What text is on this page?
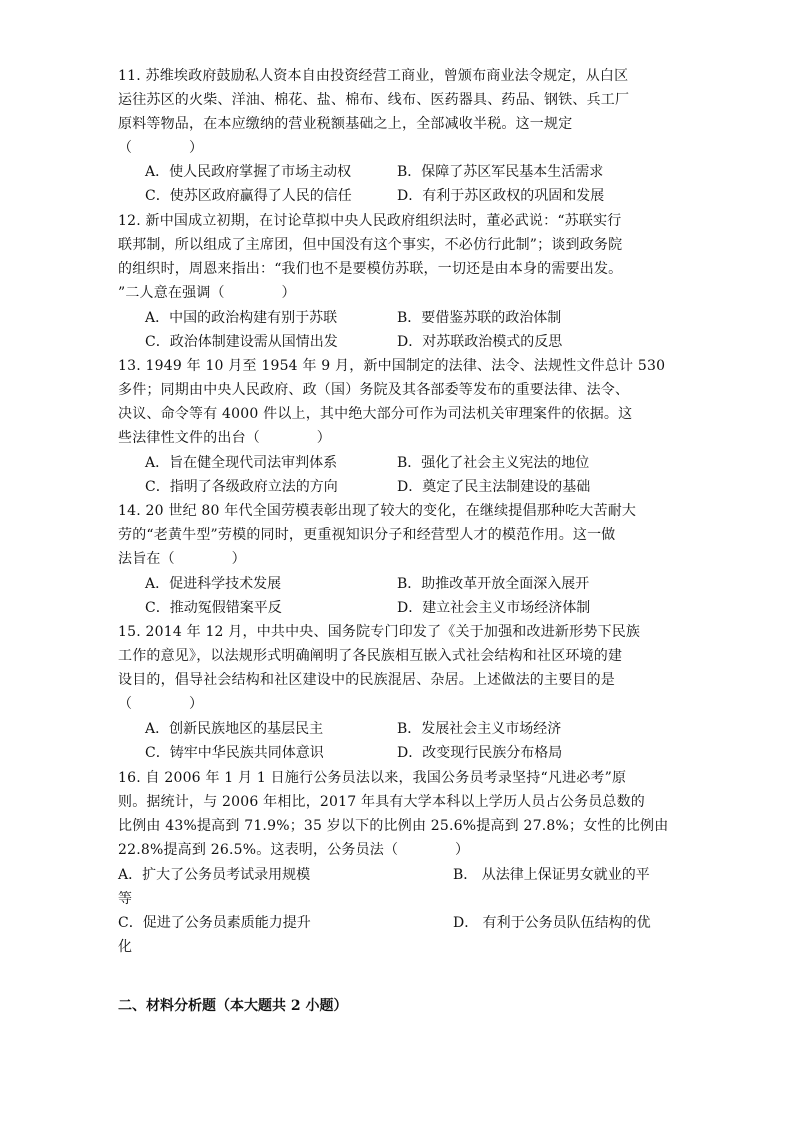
11. 苏维埃政府鼓励私人资本自由投资经营工商业，曾颁布商业法令规定，从白区
运往苏区的火柴、洋油、棉花、盐、棉布、线布、医药器具、药品、钢铁、兵工厂
原料等物品，在本应缴纳的营业税额基础之上，全部减收半税。这一规定
（　　　　）
A．使人民政府掌握了市场主动权	B．保障了苏区军民基本生活需求
C．使苏区政府赢得了人民的信任	D．有利于苏区政权的巩固和发展
12. 新中国成立初期，在讨论草拟中央人民政府组织法时，董必武说：“苏联实行
联邦制，所以组成了主席团，但中国没有这个事实，不必仿行此制”；谈到政务院
的组织时，周恩来指出：“我们也不是要模仿苏联，一切还是由本身的需要出发。
”二人意在强调（　　　　）
A．中国的政治构建有别于苏联	B．要借鉴苏联的政治体制
C．政治体制建设需从国情出发	D．对苏联政治模式的反思
13. 1949 年 10 月至 1954 年 9 月，新中国制定的法律、法令、法规性文件总计 530
多件；同期由中央人民政府、政（国）务院及其各部委等发布的重要法律、法令、
决议、命令等有 4000 件以上，其中绝大部分可作为司法机关审理案件的依据。这
些法律性文件的出台（　　　　）
A．旨在健全现代司法审判体系	B．强化了社会主义宪法的地位
C．指明了各级政府立法的方向	D．奠定了民主法制建设的基础
14. 20 世纪 80 年代全国劳模表彰出现了较大的变化，在继续提倡那种吃大苦耐大
劳的“老黄牛型”劳模的同时，更重视知识分子和经营型人才的模范作用。这一做
法旨在（　　　　）
A．促进科学技术发展	B．助推改革开放全面深入展开
C．推动冤假错案平反	D．建立社会主义市场经济体制
15. 2014 年 12 月，中共中央、国务院专门印发了《关于加强和改进新形势下民族
工作的意见》，以法规形式明确阐明了各民族相互嵌入式社会结构和社区环境的建
设目的，倡导社会结构和社区建设中的民族混居、杂居。上述做法的主要目的是
（　　　　）
A．创新民族地区的基层民主	B．发展社会主义市场经济
C．铸牢中华民族共同体意识	D．改变现行民族分布格局
16. 自 2006 年 1 月 1 日施行公务员法以来，我国公务员考录坚持“凡进必考”原
则。据统计，与 2006 年相比，2017 年具有大学本科以上学历人员占公务员总数的
比例由 43%提高到 71.9%；35 岁以下的比例由 25.6%提高到 27.8%；女性的比例由
22.8%提高到 26.5%。这表明，公务员法（　　　　）
A．扩大了公务员考试录用规模	B． 从法律上保证男女就业的平
等
C．促进了公务员素质能力提升	D． 有利于公务员队伍结构的优
化
二、材料分析题（本大题共 2 小题）
